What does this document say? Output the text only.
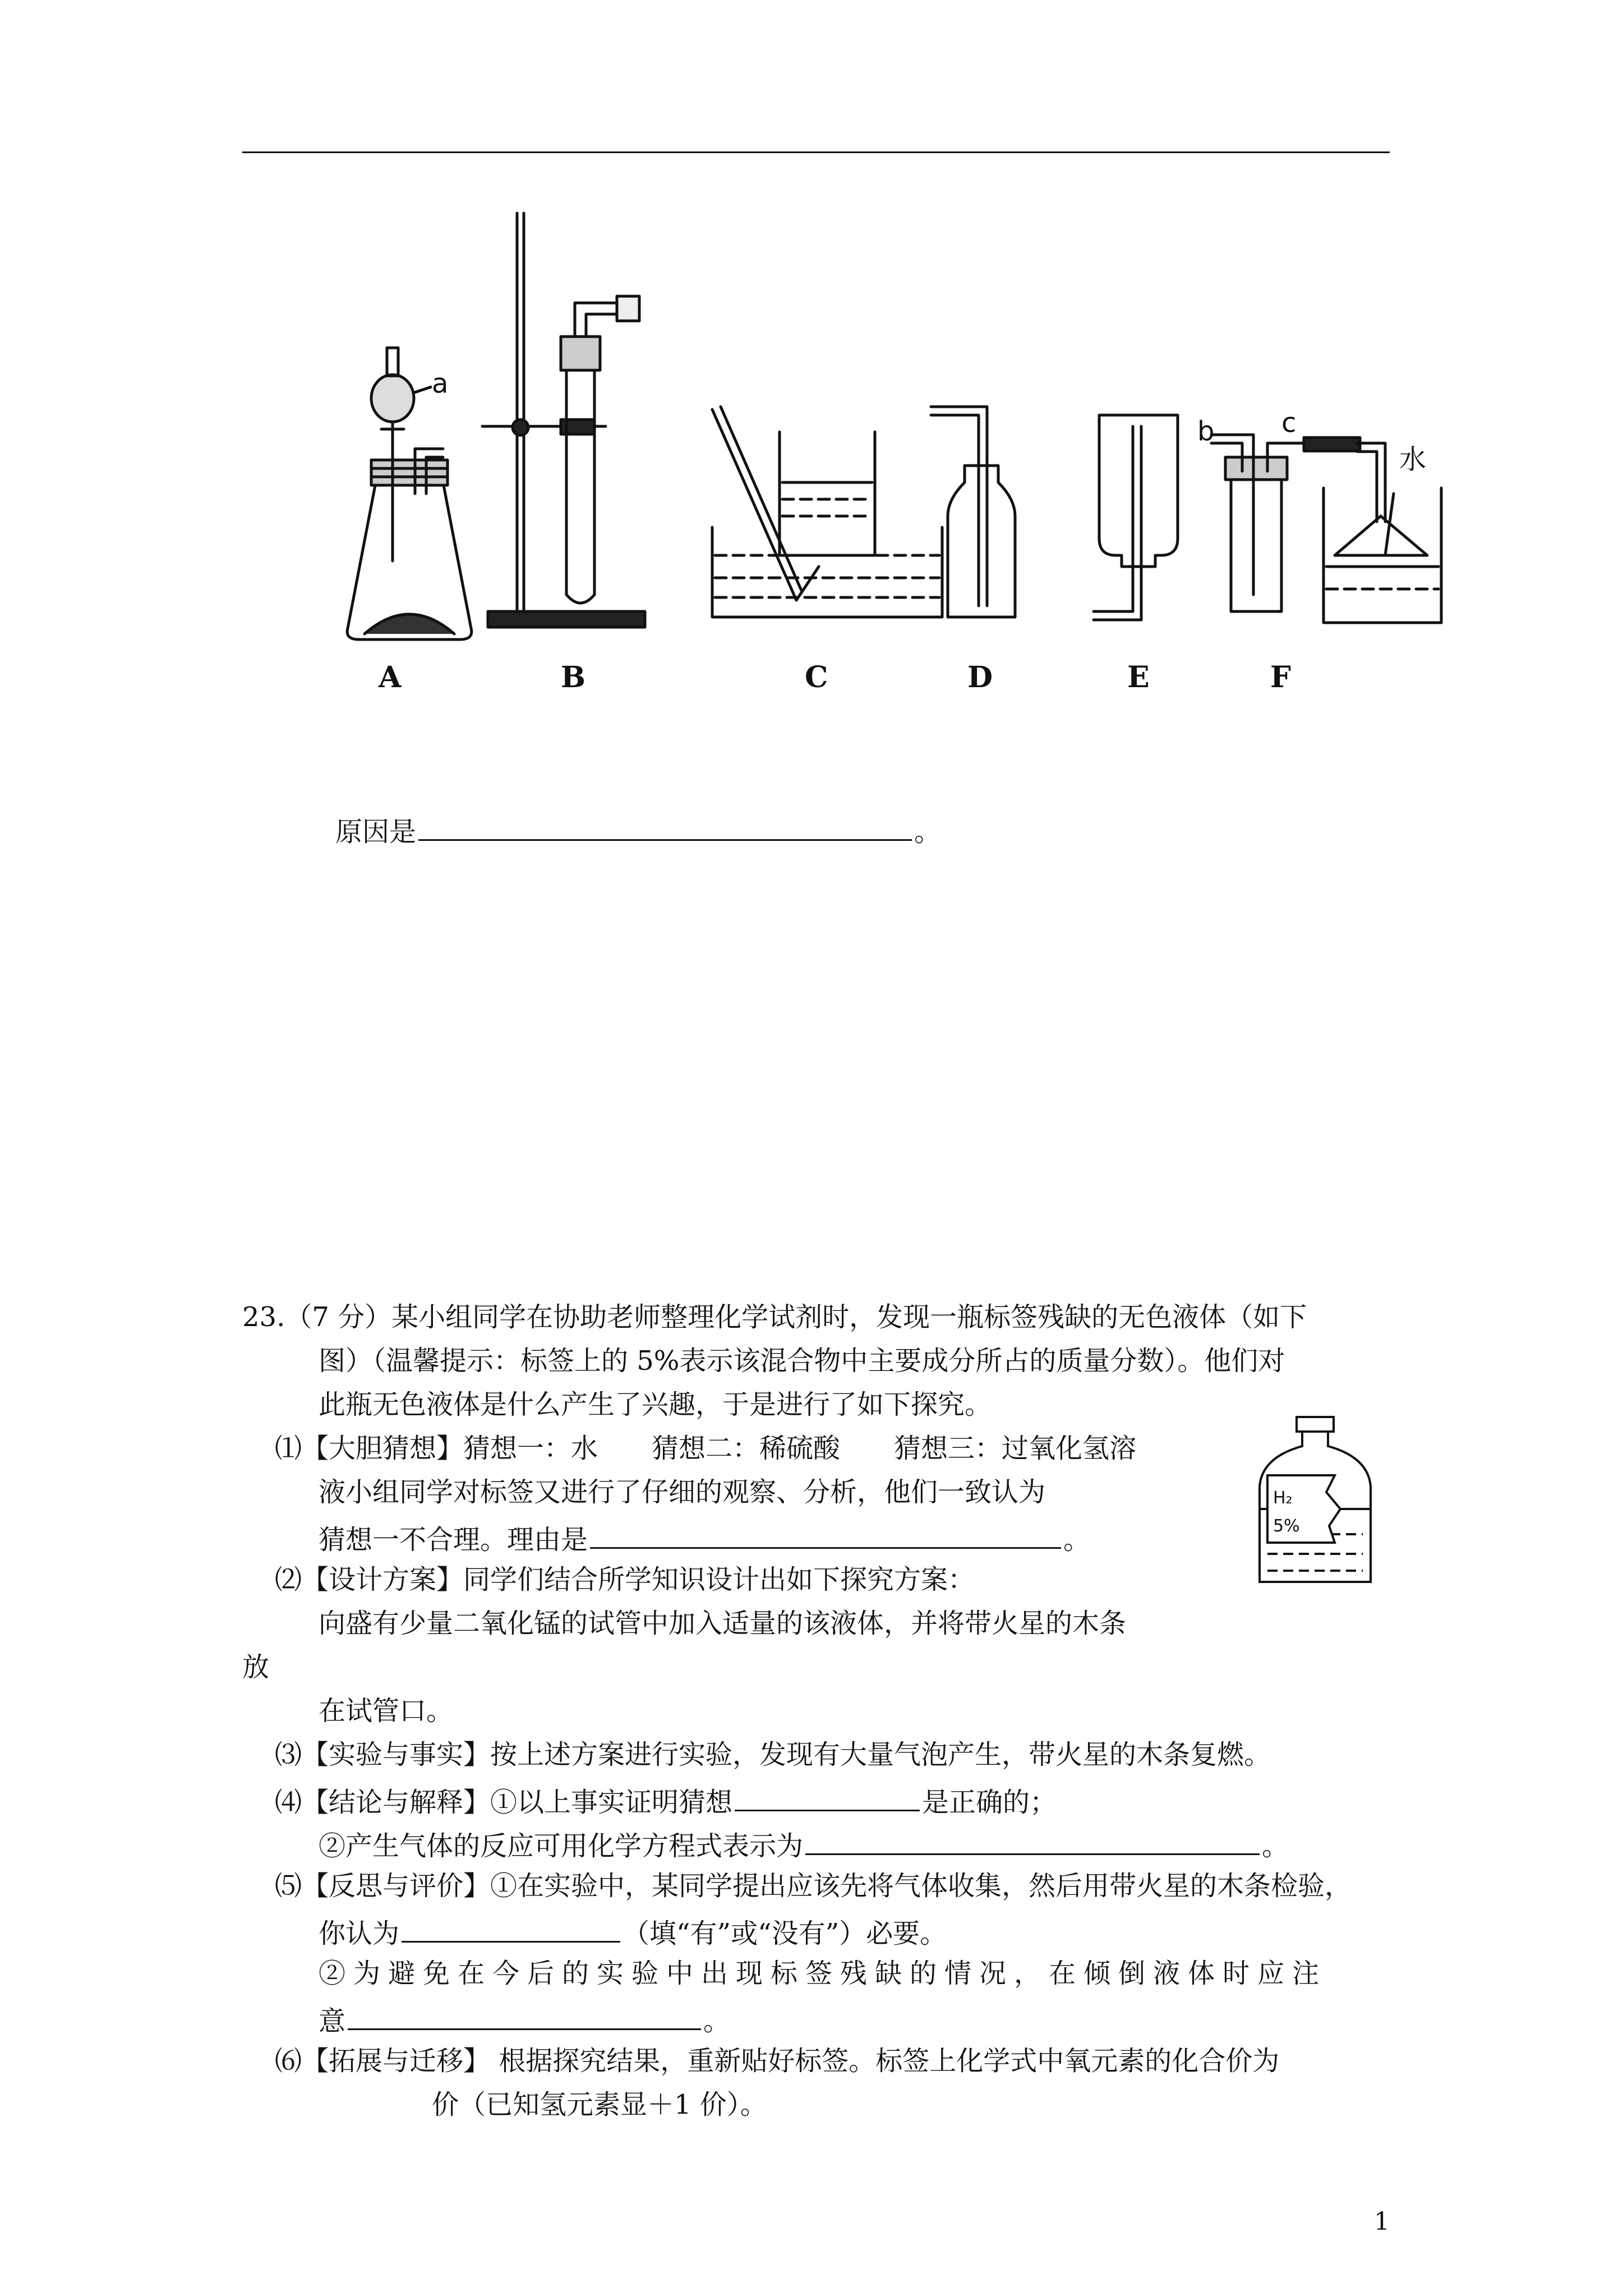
A	B	C	D	E	F
a
b c
水
原因是	。
23.（7 分）某小组同学在协助老师整理化学试剂时，发现一瓶标签残缺的无色液体（如下
图）（温馨提示：标签上的 5%表示该混合物中主要成分所占的质量分数）。他们对
此瓶无色液体是什么产生了兴趣，于是进行了如下探究。
⑴【大胆猜想】猜想一：水　　猜想二：稀硫酸　　猜想三：过氧化氢溶
液小组同学对标签又进行了仔细的观察、分析，他们一致认为
猜想一不合理。理由是	。
H₂
5%
⑵【设计方案】同学们结合所学知识设计出如下探究方案：
向盛有少量二氧化锰的试管中加入适量的该液体，并将带火星的木条
放
在试管口。
⑶【实验与事实】按上述方案进行实验，发现有大量气泡产生，带火星的木条复燃。
⑷【结论与解释】①以上事实证明猜想	是正确的；
②产生气体的反应可用化学方程式表示为	。
⑸【反思与评价】①在实验中，某同学提出应该先将气体收集，然后用带火星的木条检验，
你认为	（填“有”或“没有”）必要。
②为避免在今后的实验中出现标签残缺的情况，在倾倒液体时应注
意	。
⑹【拓展与迁移】 根据探究结果，重新贴好标签。标签上化学式中氧元素的化合价为
价（已知氢元素显＋1 价）。
1
